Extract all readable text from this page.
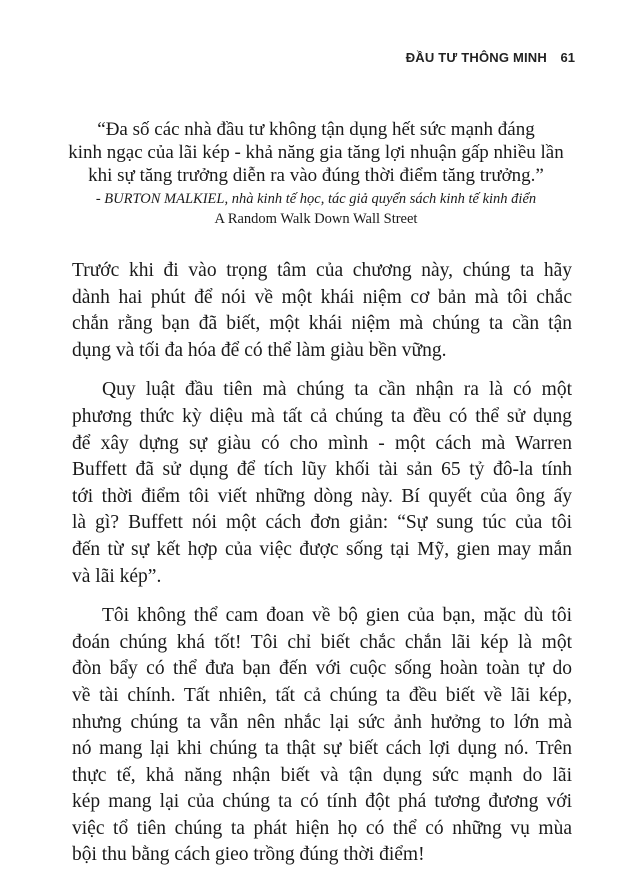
ĐẦU TƯ THÔNG MINH 61
“Đa số các nhà đầu tư không tận dụng hết sức mạnh đáng
kinh ngạc của lãi kép - khả năng gia tăng lợi nhuận gấp nhiều lần
khi sự tăng trưởng diễn ra vào đúng thời điểm tăng trưởng.”
- BURTON MALKIEL, nhà kinh tế học, tác giả quyển sách kinh tế kinh điển
A Random Walk Down Wall Street
Trước khi đi vào trọng tâm của chương này, chúng ta hãy
dành hai phút để nói về một khái niệm cơ bản mà tôi chắc
chắn rằng bạn đã biết, một khái niệm mà chúng ta cần tận
dụng và tối đa hóa để có thể làm giàu bền vững.
Quy luật đầu tiên mà chúng ta cần nhận ra là có một
phương thức kỳ diệu mà tất cả chúng ta đều có thể sử dụng
để xây dựng sự giàu có cho mình - một cách mà Warren
Buffett đã sử dụng để tích lũy khối tài sản 65 tỷ đô-la tính
tới thời điểm tôi viết những dòng này. Bí quyết của ông ấy
là gì? Buffett nói một cách đơn giản: “Sự sung túc của tôi
đến từ sự kết hợp của việc được sống tại Mỹ, gien may mắn
và lãi kép”.
Tôi không thể cam đoan về bộ gien của bạn, mặc dù tôi
đoán chúng khá tốt! Tôi chỉ biết chắc chắn lãi kép là một
đòn bẩy có thể đưa bạn đến với cuộc sống hoàn toàn tự do
về tài chính. Tất nhiên, tất cả chúng ta đều biết về lãi kép,
nhưng chúng ta vẫn nên nhắc lại sức ảnh hưởng to lớn mà
nó mang lại khi chúng ta thật sự biết cách lợi dụng nó. Trên
thực tế, khả năng nhận biết và tận dụng sức mạnh do lãi
kép mang lại của chúng ta có tính đột phá tương đương với
việc tổ tiên chúng ta phát hiện họ có thể có những vụ mùa
bội thu bằng cách gieo trồng đúng thời điểm!
